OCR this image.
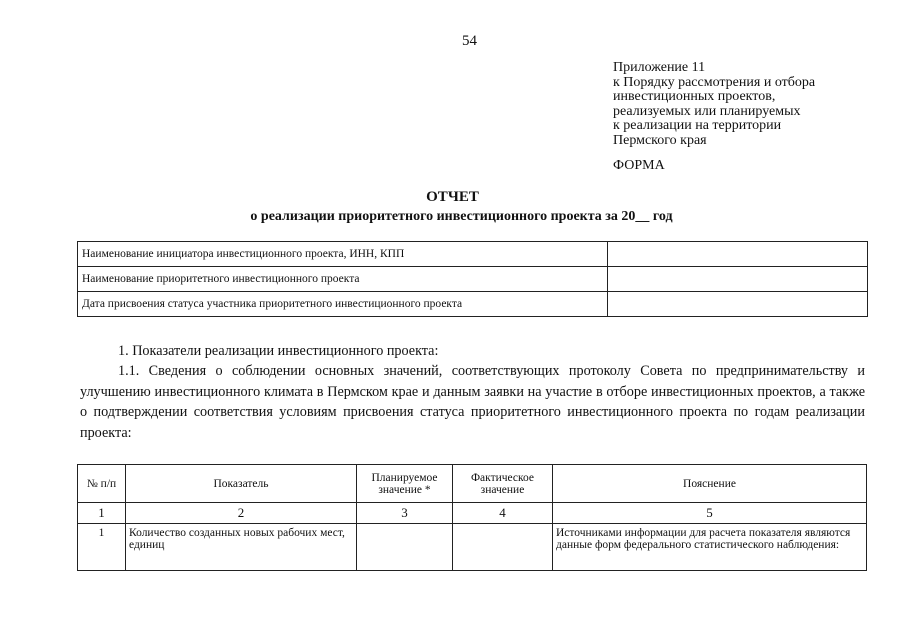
54
Приложение 11
к Порядку рассмотрения и отбора
инвестиционных проектов,
реализуемых или планируемых
к реализации на территории
Пермского края
ФОРМА
ОТЧЕТ
о реализации приоритетного инвестиционного проекта за 20__ год
Наименование инициатора инвестиционного проекта, ИНН, КПП	
Наименование приоритетного инвестиционного проекта	
Дата присвоения статуса участника приоритетного инвестиционного проекта	
1. Показатели реализации инвестиционного проекта:
1.1. Сведения о соблюдении основных значений, соответствующих протоколу Совета по предпринимательству и улучшению инвестиционного климата в Пермском крае и данным заявки на участие в отборе инвестиционных проектов, а также о подтверждении соответствия условиям присвоения статуса приоритетного инвестиционного проекта по годам реализации проекта:
№ п/п	Показатель	Планируемое значение *	Фактическое значение	Пояснение
1	2	3	4	5
1	Количество созданных новых рабочих мест, единиц			Источниками информации для расчета показателя являются данные форм федерального статистического наблюдения:
